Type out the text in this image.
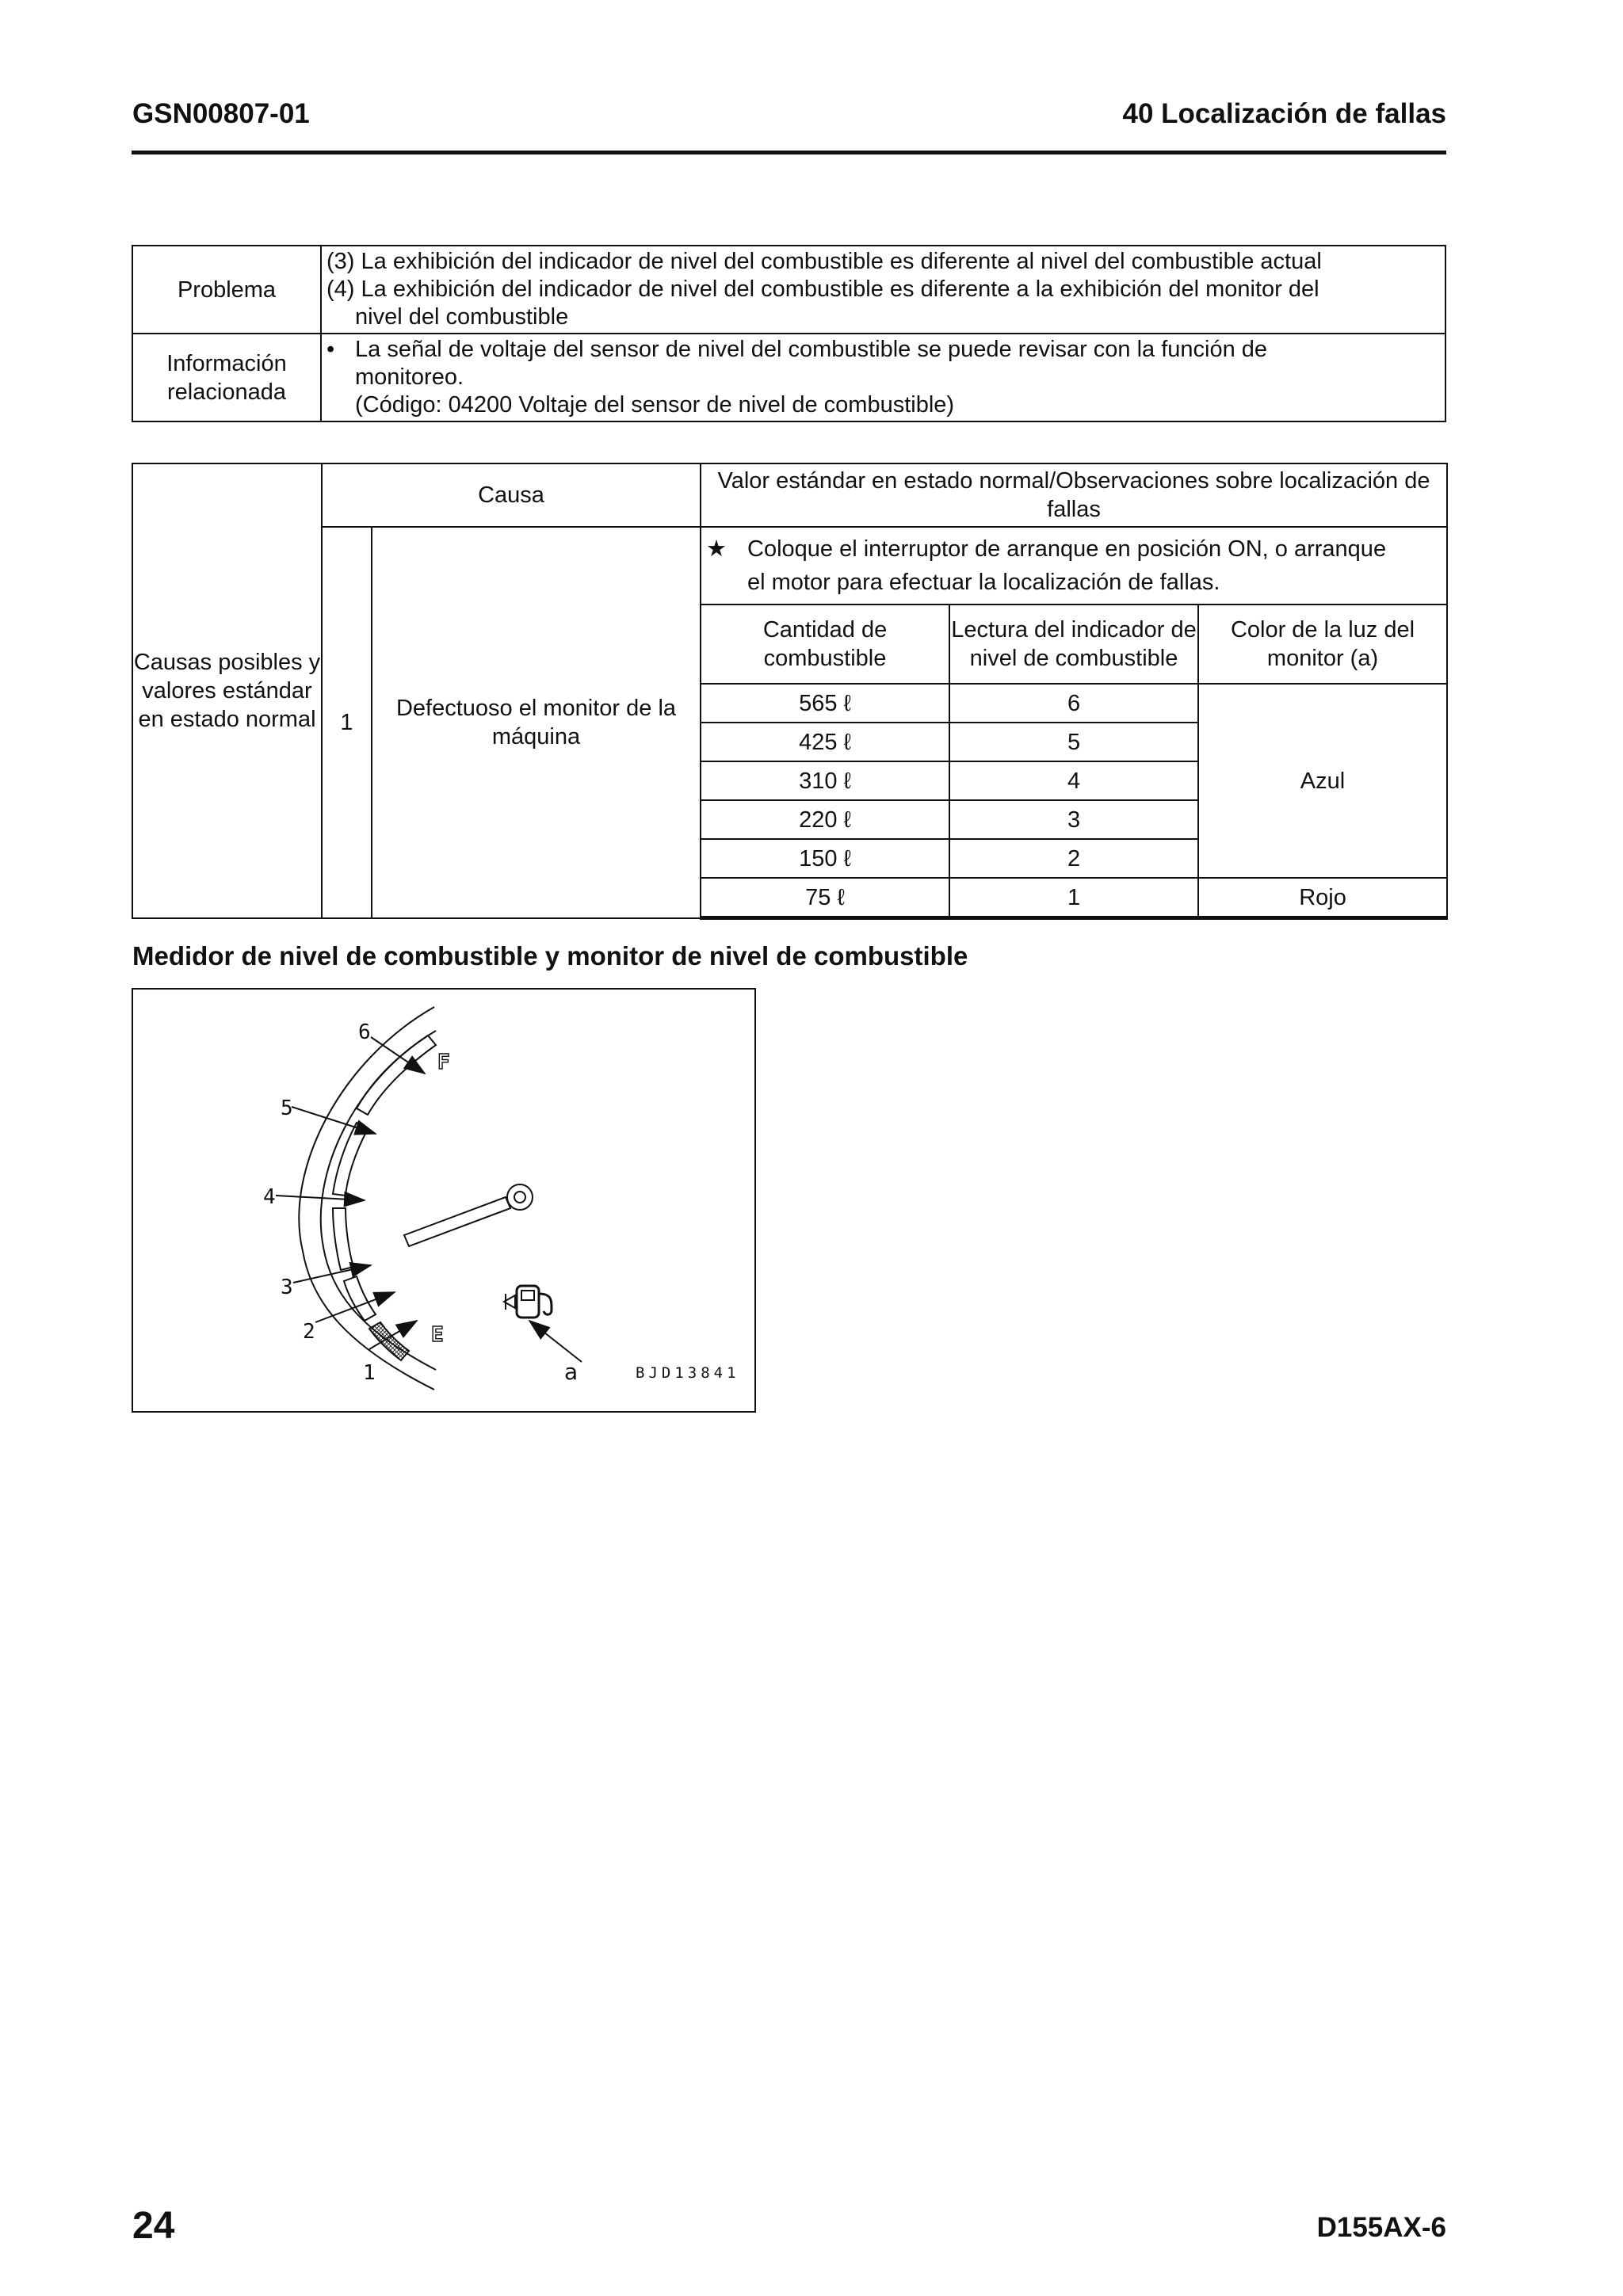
GSN00807-01	40 Localización de fallas
Problema	(3) La exhibición del indicador de nivel del combustible es diferente al nivel del combustible actual
(4) La exhibición del indicador de nivel del combustible es diferente a la exhibición del monitor del
nivel del combustible

Información relacionada	• La señal de voltaje del sensor de nivel del combustible se puede revisar con la función de
monitoreo.
(Código: 04200 Voltaje del sensor de nivel de combustible)
Causas posibles y valores estándar en estado normal	Causa		Valor estándar en estado normal/Observaciones sobre localización de fallas		
	1	Defectuoso el monitor de la máquina	★ Coloque el interruptor de arranque en posición ON, o arranque
el motor para efectuar la localización de fallas.		

			Cantidad de combustible	Lectura del indicador de nivel de combustible	Color de la luz del monitor (a)
			565 ℓ	6	Azul
			425 ℓ	5	
			310 ℓ	4	
			220 ℓ	3	
			150 ℓ	2	
			75 ℓ	1	Rojo
Medidor de nivel de combustible y monitor de nivel de combustible
F
E
6
5
4
3
2
1	a	BJD13841
24	D155AX-6
